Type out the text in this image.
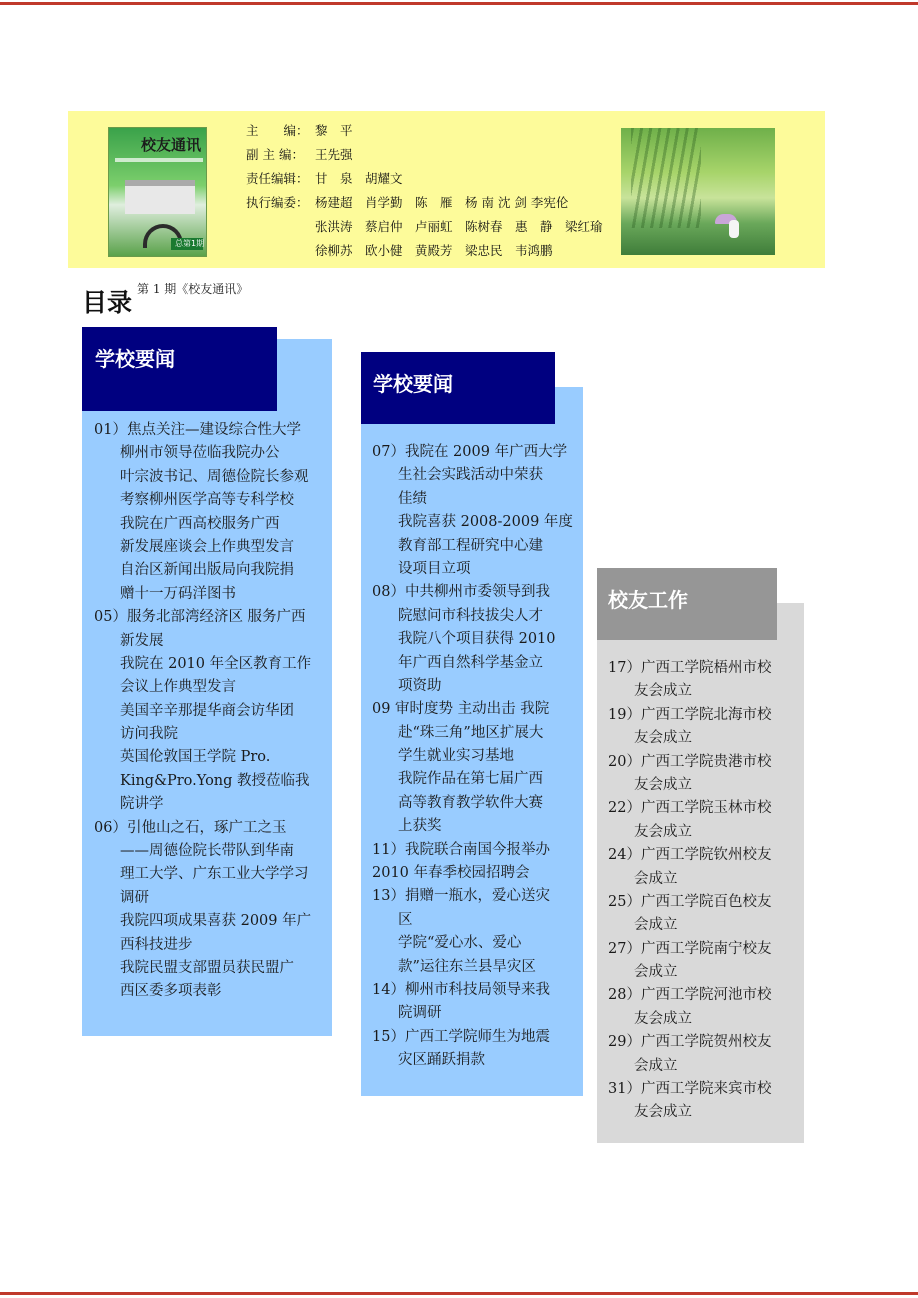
校友通讯
总第1期
主　　编： 黎　平
副 主 编： 王先强
责任编辑： 甘　泉　胡耀文
执行编委： 杨建超　肖学勤　陈　雁　杨 南 沈 剑 李宪伦
张洪涛　蔡启仲　卢丽虹　陈树春　惠　静　梁红瑜
徐柳苏　欧小健　黄殿芳　梁忠民　韦鸿鹏
目录 第 1 期《校友通讯》
学校要闻
01）焦点关注—建设综合性大学
柳州市领导莅临我院办公
叶宗波书记、周德俭院长参观
考察柳州医学高等专科学校
我院在广西高校服务广西
新发展座谈会上作典型发言
自治区新闻出版局向我院捐
赠十一万码洋图书
05）服务北部湾经济区 服务广西
新发展
我院在 2010 年全区教育工作
会议上作典型发言
美国辛辛那提华商会访华团
访问我院
英国伦敦国王学院 Pro.
King&Pro.Yong 教授莅临我
院讲学
06）引他山之石，琢广工之玉
——周德俭院长带队到华南
理工大学、广东工业大学学习
调研
我院四项成果喜获 2009 年广
西科技进步
我院民盟支部盟员获民盟广
西区委多项表彰
学校要闻
07）我院在 2009 年广西大学
生社会实践活动中荣获
佳绩
我院喜获 2008-2009 年度
教育部工程研究中心建
设项目立项
08）中共柳州市委领导到我
院慰问市科技拔尖人才
我院八个项目获得 2010
年广西自然科学基金立
项资助
09 审时度势 主动出击 我院
赴“珠三角”地区扩展大
学生就业实习基地
我院作品在第七届广西
高等教育教学软件大赛
上获奖
11）我院联合南国今报举办
2010 年春季校园招聘会
13）捐赠一瓶水，爱心送灾
区
学院“爱心水、爱心
款”运往东兰县旱灾区
14）柳州市科技局领导来我
院调研
15）广西工学院师生为地震
灾区踊跃捐款
校友工作
17）广西工学院梧州市校
友会成立
19）广西工学院北海市校
友会成立
20）广西工学院贵港市校
友会成立
22）广西工学院玉林市校
友会成立
24）广西工学院钦州校友
会成立
25）广西工学院百色校友
会成立
27）广西工学院南宁校友
会成立
28）广西工学院河池市校
友会成立
29）广西工学院贺州校友
会成立
31）广西工学院来宾市校
友会成立
